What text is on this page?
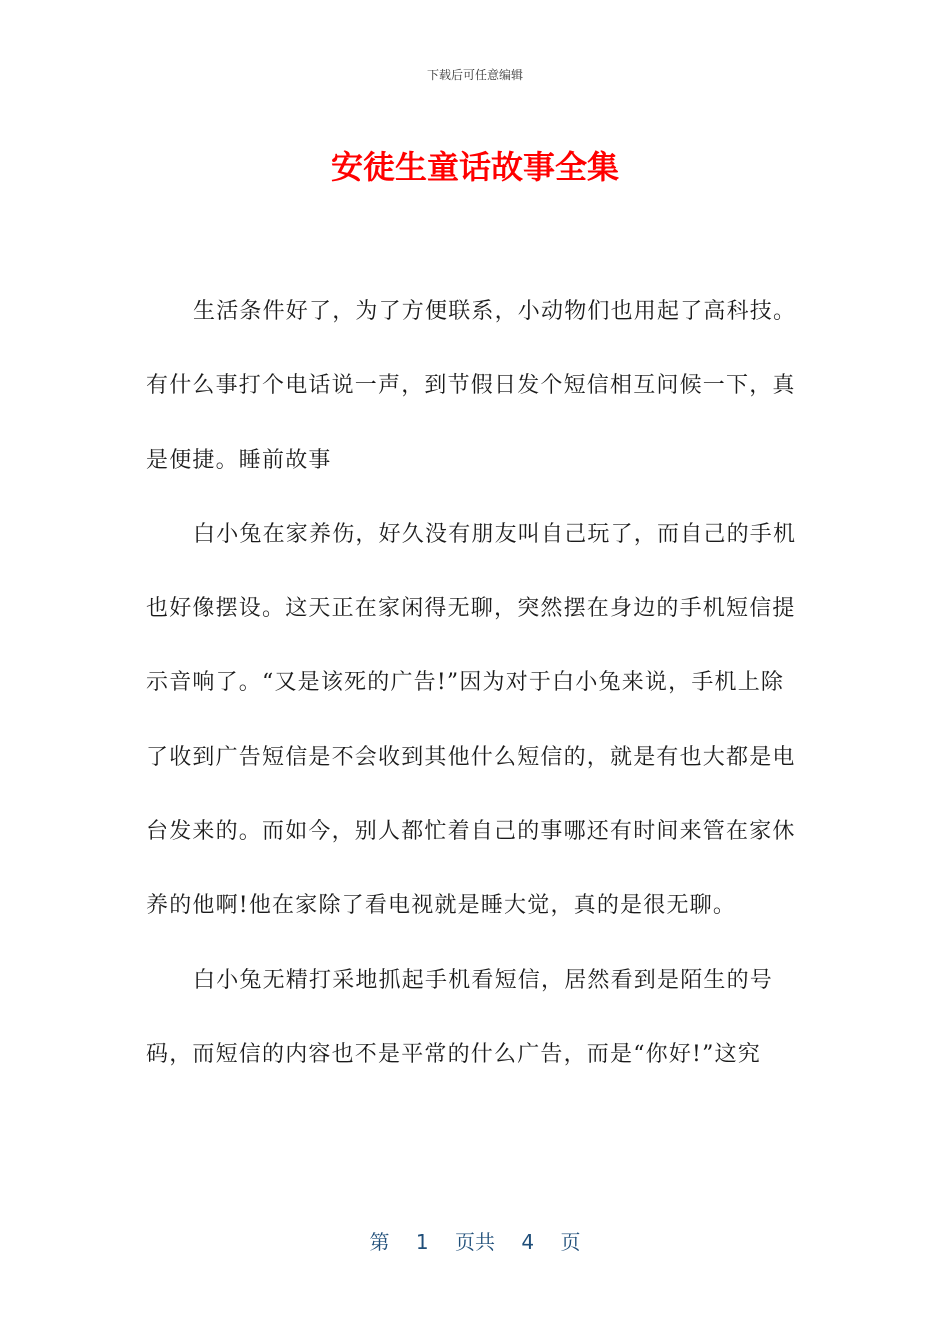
下载后可任意编辑
安徒生童话故事全集

生活条件好了，为了方便联系，小动物们也用起了高科技。有什么事打个电话说一声，到节假日发个短信相互问候一下，真是便捷。睡前故事

白小兔在家养伤，好久没有朋友叫自己玩了，而自己的手机也好像摆设。这天正在家闲得无聊，突然摆在身边的手机短信提示音响了。“又是该死的广告!”因为对于白小兔来说，手机上除了收到广告短信是不会收到其他什么短信的，就是有也大都是电台发来的。而如今，别人都忙着自己的事哪还有时间来管在家休养的他啊!他在家除了看电视就是睡大觉，真的是很无聊。

白小兔无精打采地抓起手机看短信，居然看到是陌生的号码，而短信的内容也不是平常的什么广告，而是“你好!”这究

第 1 页共 4 页
